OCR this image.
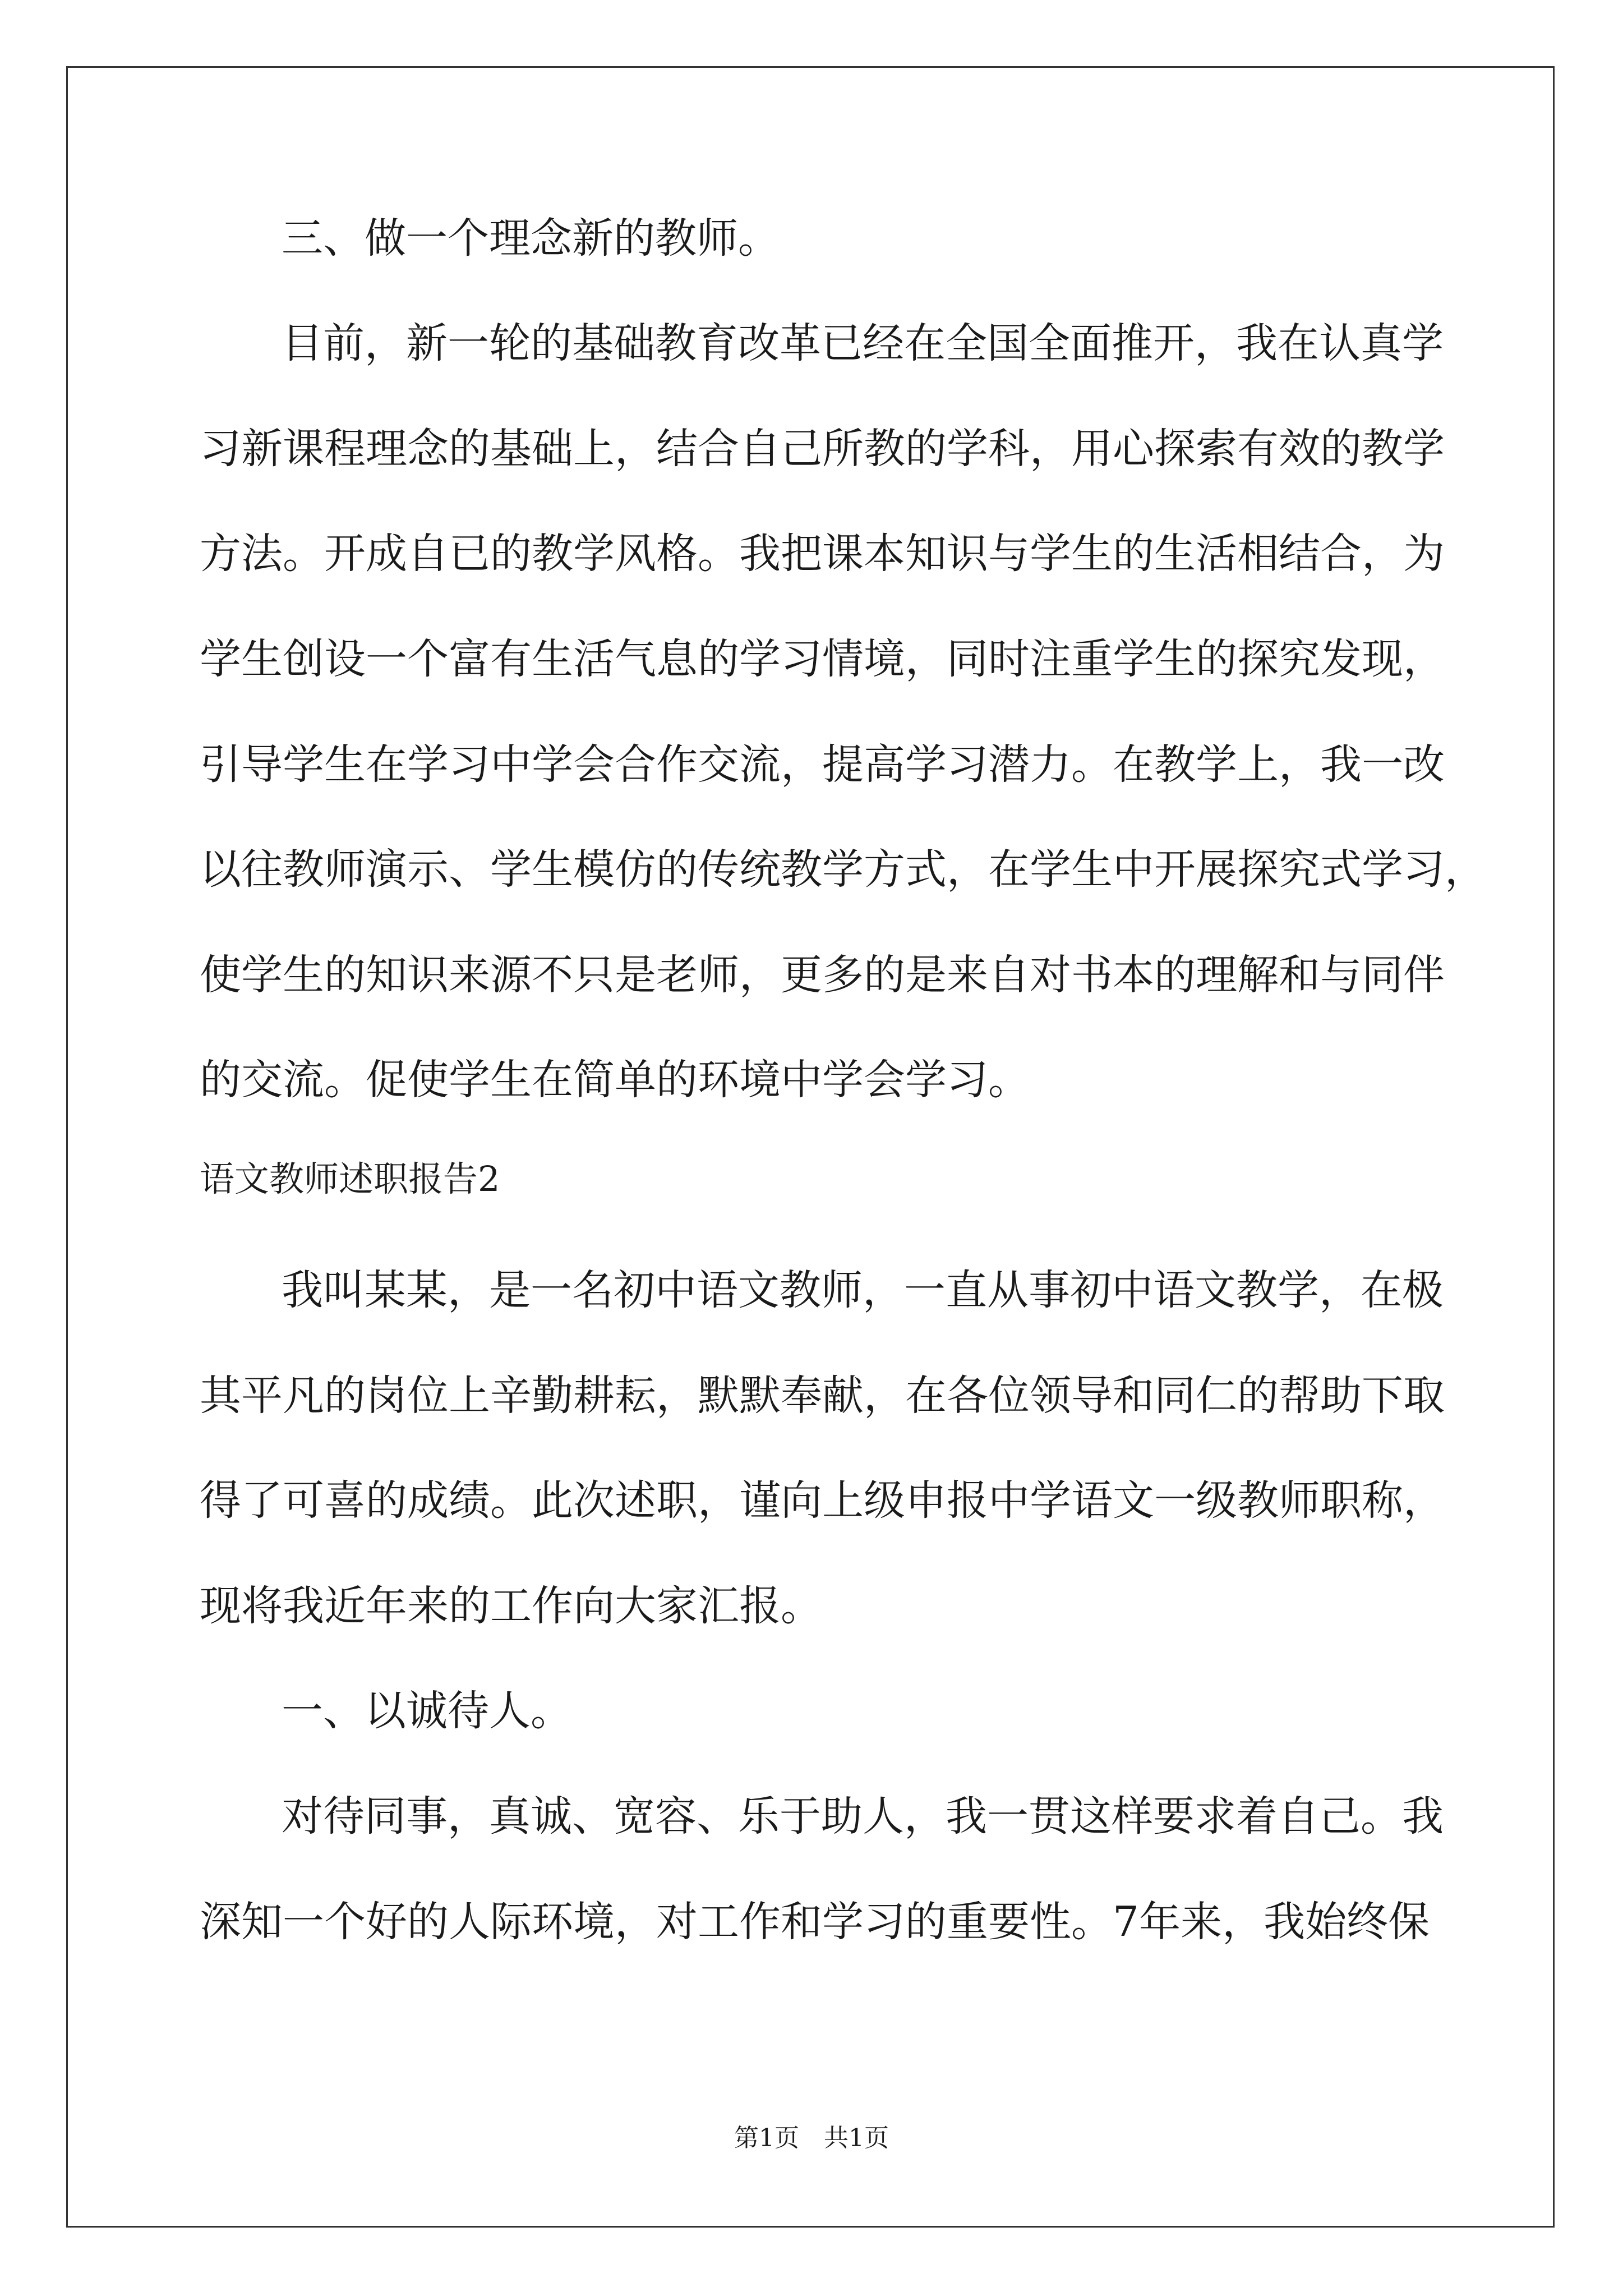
三、做一个理念新的教师。
目前，新一轮的基础教育改革已经在全国全面推开，我在认真学
习新课程理念的基础上，结合自己所教的学科，用心探索有效的教学
方法。开成自已的教学风格。我把课本知识与学生的生活相结合，为
学生创设一个富有生活气息的学习情境，同时注重学生的探究发现，
引导学生在学习中学会合作交流，提高学习潜力。在教学上，我一改
以往教师演示、学生模仿的传统教学方式，在学生中开展探究式学习，
使学生的知识来源不只是老师，更多的是来自对书本的理解和与同伴
的交流。促使学生在简单的环境中学会学习。
语文教师述职报告2
我叫某某，是一名初中语文教师，一直从事初中语文教学，在极
其平凡的岗位上辛勤耕耘，默默奉献，在各位领导和同仁的帮助下取
得了可喜的成绩。此次述职，谨向上级申报中学语文一级教师职称，
现将我近年来的工作向大家汇报。
一、以诚待人。
对待同事，真诚、宽容、乐于助人，我一贯这样要求着自己。我
深知一个好的人际环境，对工作和学习的重要性。7年来，我始终保
第1页　共1页
